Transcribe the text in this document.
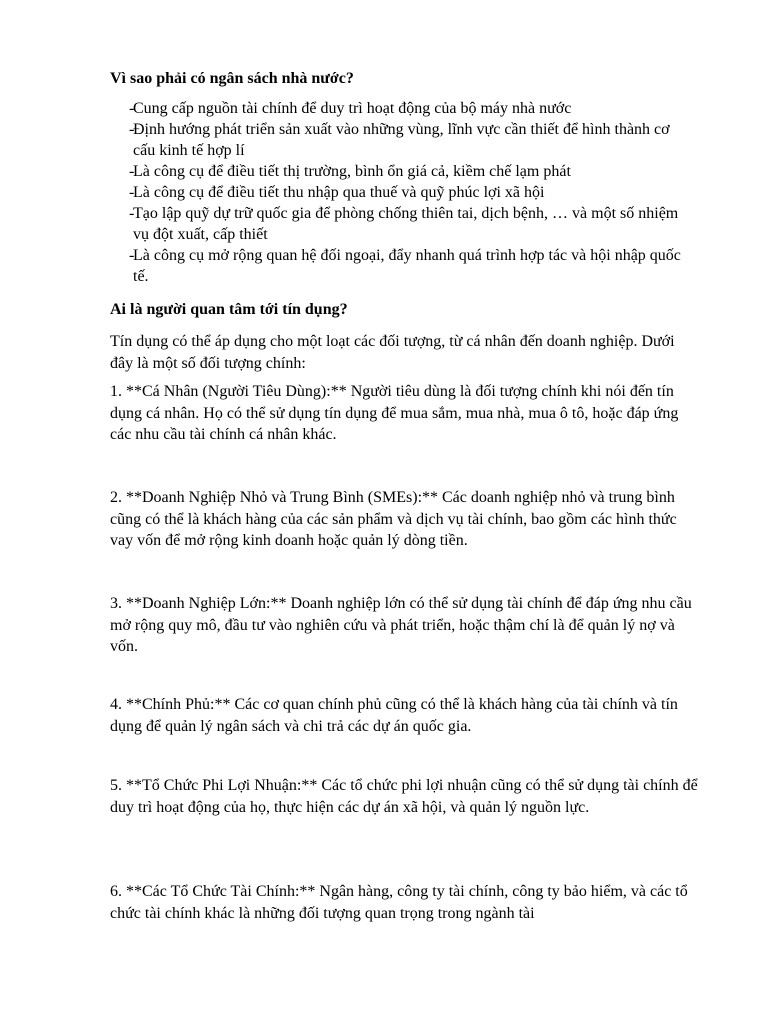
Vì sao phải có ngân sách nhà nước?
-
Cung cấp nguồn tài chính để duy trì hoạt động của bộ máy nhà nước
-
Định hướng phát triển sản xuất vào những vùng, lĩnh vực cần thiết để hình thành cơ cấu kinh tế hợp lí
-
Là công cụ để điều tiết thị trường, bình ổn giá cả, kiềm chế lạm phát
-
Là công cụ để điều tiết thu nhập qua thuế và quỹ phúc lợi xã hội
-
Tạo lập quỹ dự trữ quốc gia để phòng chống thiên tai, dịch bệnh, … và một số nhiệm vụ đột xuất, cấp thiết
-
Là công cụ mở rộng quan hệ đối ngoại, đẩy nhanh quá trình hợp tác và hội nhập quốc tế.
Ai là người quan tâm tới tín dụng?

Tín dụng có thể áp dụng cho một loạt các đối tượng, từ cá nhân đến doanh nghiệp. Dưới đây là một số đối tượng chính:

1. **Cá Nhân (Người Tiêu Dùng):** Người tiêu dùng là đối tượng chính khi nói đến tín dụng cá nhân. Họ có thể sử dụng tín dụng để mua sắm, mua nhà, mua ô tô, hoặc đáp ứng các nhu cầu tài chính cá nhân khác.

2. **Doanh Nghiệp Nhỏ và Trung Bình (SMEs):** Các doanh nghiệp nhỏ và trung bình cũng có thể là khách hàng của các sản phẩm và dịch vụ tài chính, bao gồm các hình thức vay vốn để mở rộng kinh doanh hoặc quản lý dòng tiền.

3. **Doanh Nghiệp Lớn:** Doanh nghiệp lớn có thể sử dụng tài chính để đáp ứng nhu cầu mở rộng quy mô, đầu tư vào nghiên cứu và phát triển, hoặc thậm chí là để quản lý nợ và vốn.

4. **Chính Phủ:** Các cơ quan chính phủ cũng có thể là khách hàng của tài chính và tín dụng để quản lý ngân sách và chi trả các dự án quốc gia.

5. **Tổ Chức Phi Lợi Nhuận:** Các tổ chức phi lợi nhuận cũng có thể sử dụng tài chính để duy trì hoạt động của họ, thực hiện các dự án xã hội, và quản lý nguồn lực.

6. **Các Tổ Chức Tài Chính:** Ngân hàng, công ty tài chính, công ty bảo hiểm, và các tổ chức tài chính khác là những đối tượng quan trọng trong ngành tài
